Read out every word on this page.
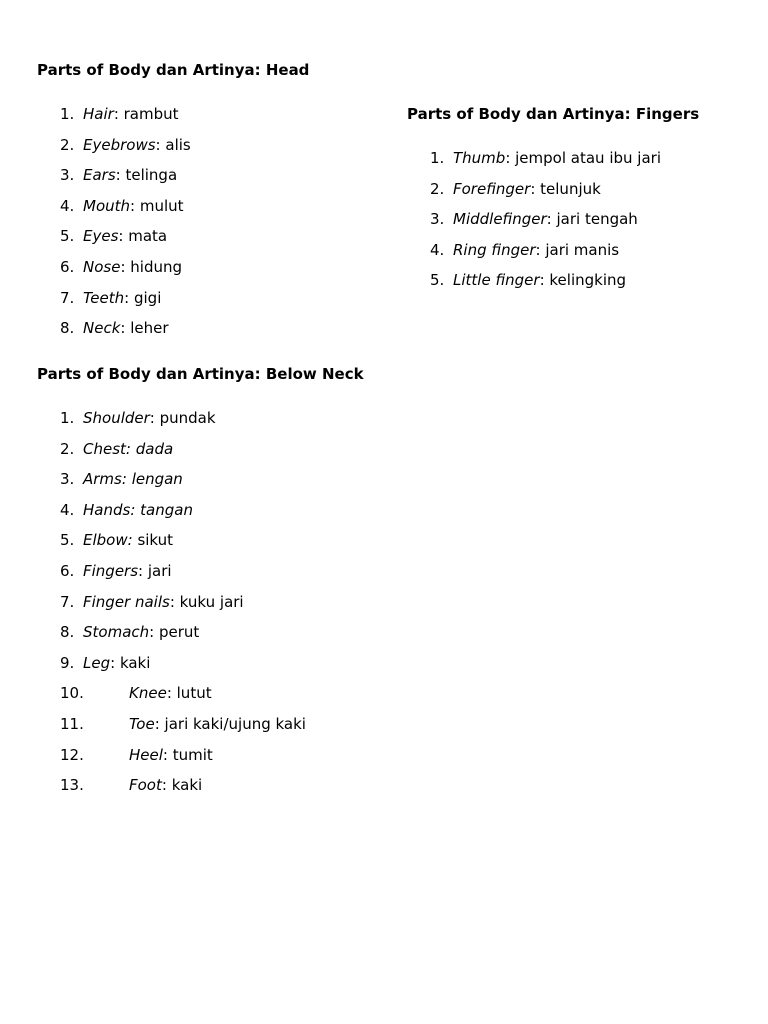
Parts of Body dan Artinya: Head

1. Hair: rambut
2. Eyebrows: alis
3. Ears: telinga
4. Mouth: mulut
5. Eyes: mata
6. Nose: hidung
7. Teeth: gigi
8. Neck: leher

Parts of Body dan Artinya: Fingers

1. Thumb: jempol atau ibu jari
2. Forefinger: telunjuk
3. Middlefinger: jari tengah
4. Ring finger: jari manis
5. Little finger: kelingking

Parts of Body dan Artinya: Below Neck

1. Shoulder: pundak
2. Chest: dada
3. Arms: lengan
4. Hands: tangan
5. Elbow: sikut
6. Fingers: jari
7. Finger nails: kuku jari
8. Stomach: perut
9. Leg: kaki
10.	Knee: lutut
11.	Toe: jari kaki/ujung kaki
12.	Heel: tumit
13.	Foot: kaki
